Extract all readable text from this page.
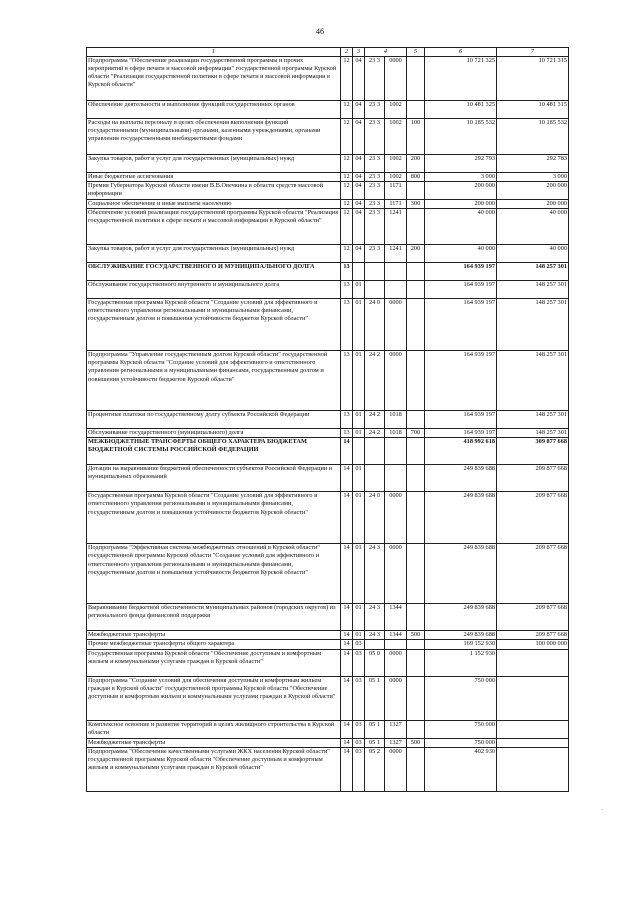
46
1	2	3	4		5	6	7
Подпрограмма "Обеспечение реализации государственной программы и прочих мероприятий в сфере печати и массовой информации" государственной программы Курской области "Реализация государственной политики в сфере печати и массовой информации в Курской области"	12	04	23 3	0000		10 721 325	10 721 315
Обеспечение деятельности и выполнение функций государственных органов	12	04	23 3	1002		10 481 325	10 481 315
Расходы на выплаты персоналу в целях обеспечения выполнения функций государственными (муниципальными) органами, казенными учреждениями, органами управления государственными внебюджетными фондами	12	04	23 3	1002	100	10 185 532	10 185 532
Закупка товаров, работ и услуг для государственных (муниципальных) нужд	12	04	23 3	1002	200	292 793	292 783
Иные бюджетные ассигнования	12	04	23 3	1002	800	3 000	3 000
Премия Губернатора Курской области имени В.В.Овечкина в области средств массовой информации	12	04	23 3	1171		200 000	200 000
Социальное обеспечение и иные выплаты населению	12	04	23 3	1171	300	200 000	200 000
Обеспечение условий реализации государственной программы Курской области "Реализация государственной политики в сфере печати и массовой информации в Курской области"	12	04	23 3	1241		40 000	40 000
Закупка товаров, работ и услуг для государственных (муниципальных) нужд	12	04	23 3	1241	200	40 000	40 000
ОБСЛУЖИВАНИЕ ГОСУДАРСТВЕННОГО И МУНИЦИПАЛЬНОГО ДОЛГА	13					164 939 197	148 257 301
Обслуживание государственного внутреннего и муниципального долга	13	01				164 939 197	148 257 301
Государственная программа Курской области "Создание условий для эффективного и ответственного управления региональными и муниципальными финансами, государственным долгом и повышения устойчивости бюджетов Курской области"	13	01	24 0	0000		164 939 197	148 257 301
Подпрограмма "Управление государственным долгом Курской области" государственной программы Курской области "Создание условий для эффективного и ответственного управления региональными и муниципальными финансами, государственным долгом и повышения устойчивости бюджетов Курской области"	13	01	24 2	0000		164 939 197	148 257 301
Процентные платежи по государственному долгу субъекта Российской Федерации	13	01	24 2	1018		164 939 197	148 257 301
Обслуживание государственного (муниципального) долга	13	01	24 2	1018	700	164 939 197	148 257 301
МЕЖБЮДЖЕТНЫЕ ТРАНСФЕРТЫ ОБЩЕГО ХАРАКТЕРА БЮДЖЕТАМ БЮДЖЕТНОЙ СИСТЕМЫ РОССИЙСКОЙ ФЕДЕРАЦИИ	14					418 992 618	309 877 668
Дотации на выравнивание бюджетной обеспеченности субъектов Российской Федерации и муниципальных образований	14	01				249 839 688	209 877 668
Государственная программа Курской области "Создание условий для эффективного и ответственного управления региональными и муниципальными финансами, государственным долгом и повышения устойчивости бюджетов Курской области"	14	01	24 0	0000		249 839 688	209 877 668
Подпрограмма "Эффективная система межбюджетных отношений в Курской области" государственной программы Курской области "Создание условий для эффективного и ответственного управления региональными и муниципальными финансами, государственным долгом и повышения устойчивости бюджетов Курской области"	14	01	24 3	0000		249 839 688	209 877 668
Выравнивание бюджетной обеспеченности муниципальных районов (городских округов) из регионального фонда финансовой поддержки	14	01	24 3	1344		249 839 688	209 877 668
Межбюджетные трансферты	14	01	24 3	1344	500	249 839 688	209 877 668
Прочие межбюджетные трансферты общего характера	14	03				169 152 930	100 000 000
Государственная программа Курской области "Обеспечение доступным и комфортным жильем и коммунальными услугами граждан в Курской области"	14	03	05 0	0000		1 152 930	
Подпрограмма "Создание условий для обеспечения доступным и комфортным жильем граждан в Курской области" государственной программы Курской области "Обеспечение доступным и комфортным жильем и коммунальными услугами граждан в Курской области"	14	03	05 1	0000		750 000	
Комплексное освоение и развитие территорий в целях жилищного строительства в Курской области	14	03	05 1	1327		750 000	
Межбюджетные трансферты	14	03	05 1	1327	500	750 000	
Подпрограмма "Обеспечение качественными услугами ЖКХ населения Курской области" государственной программы Курской области "Обеспечение доступным и комфортным жильем и коммунальными услугами граждан в Курской области"	14	03	05 2	0000		402 930	
·
